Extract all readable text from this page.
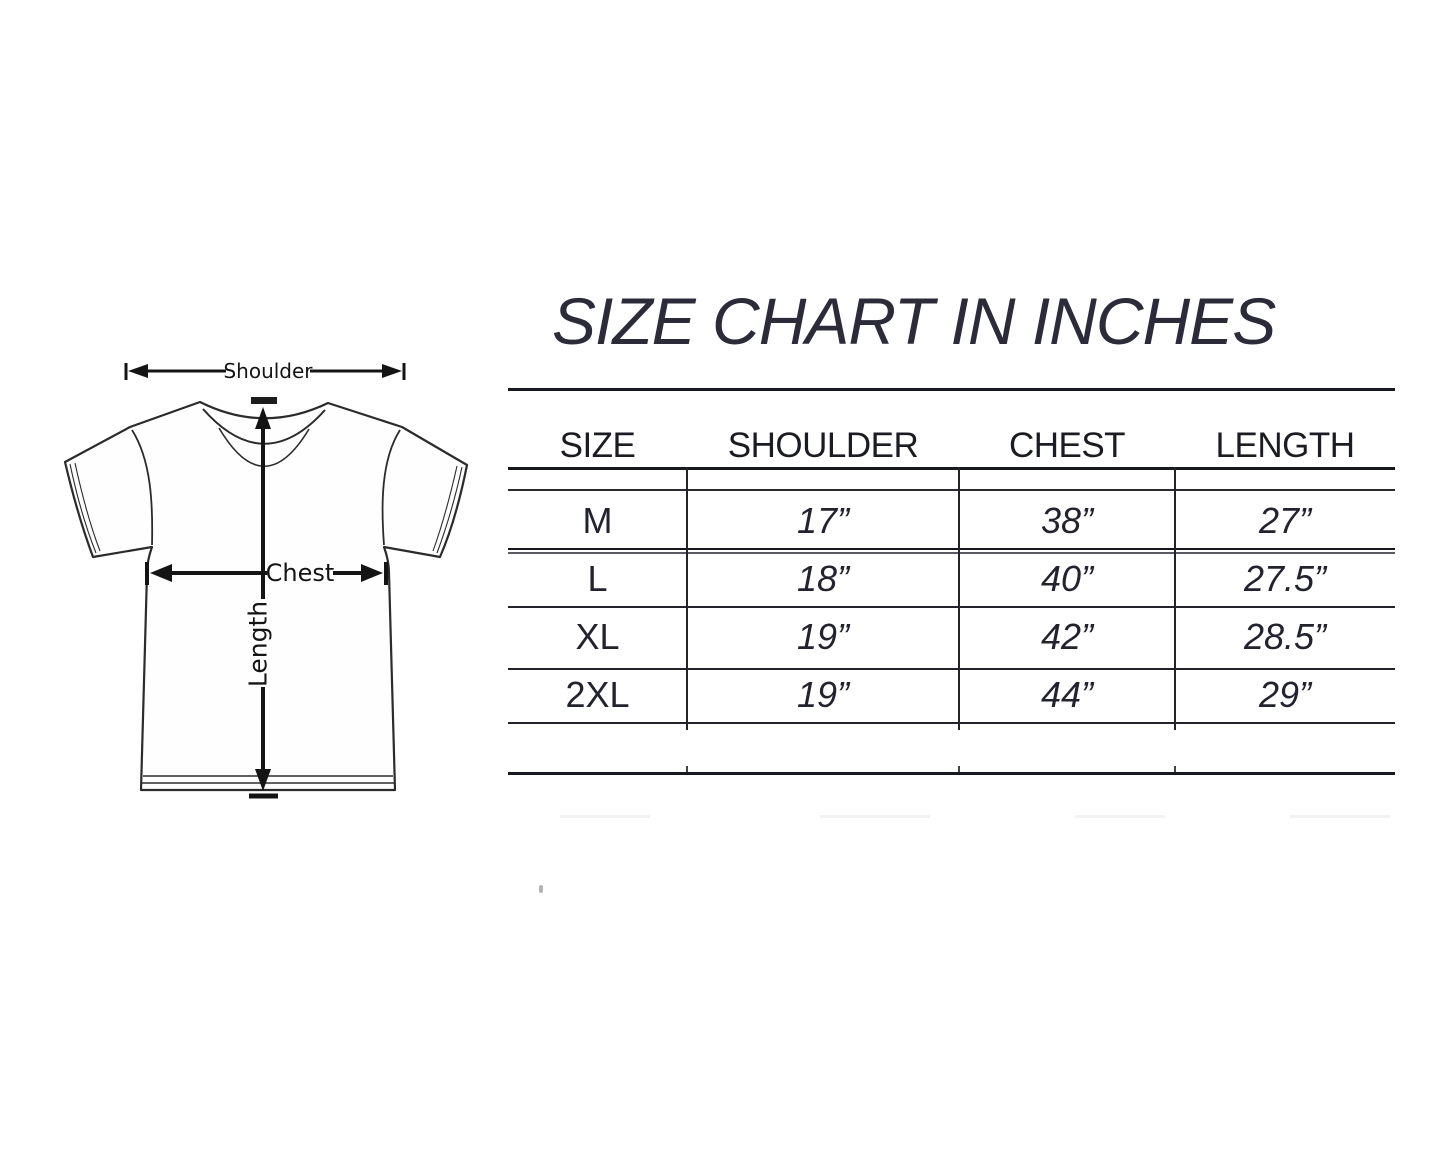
SIZE CHART IN INCHES
Shoulder
Chest
Length
SIZE	SHOULDER	CHEST	LENGTH
M	17”	38”	27”
L	18”	40”	27.5”
XL	19”	42”	28.5”
2XL	19”	44”	29”
